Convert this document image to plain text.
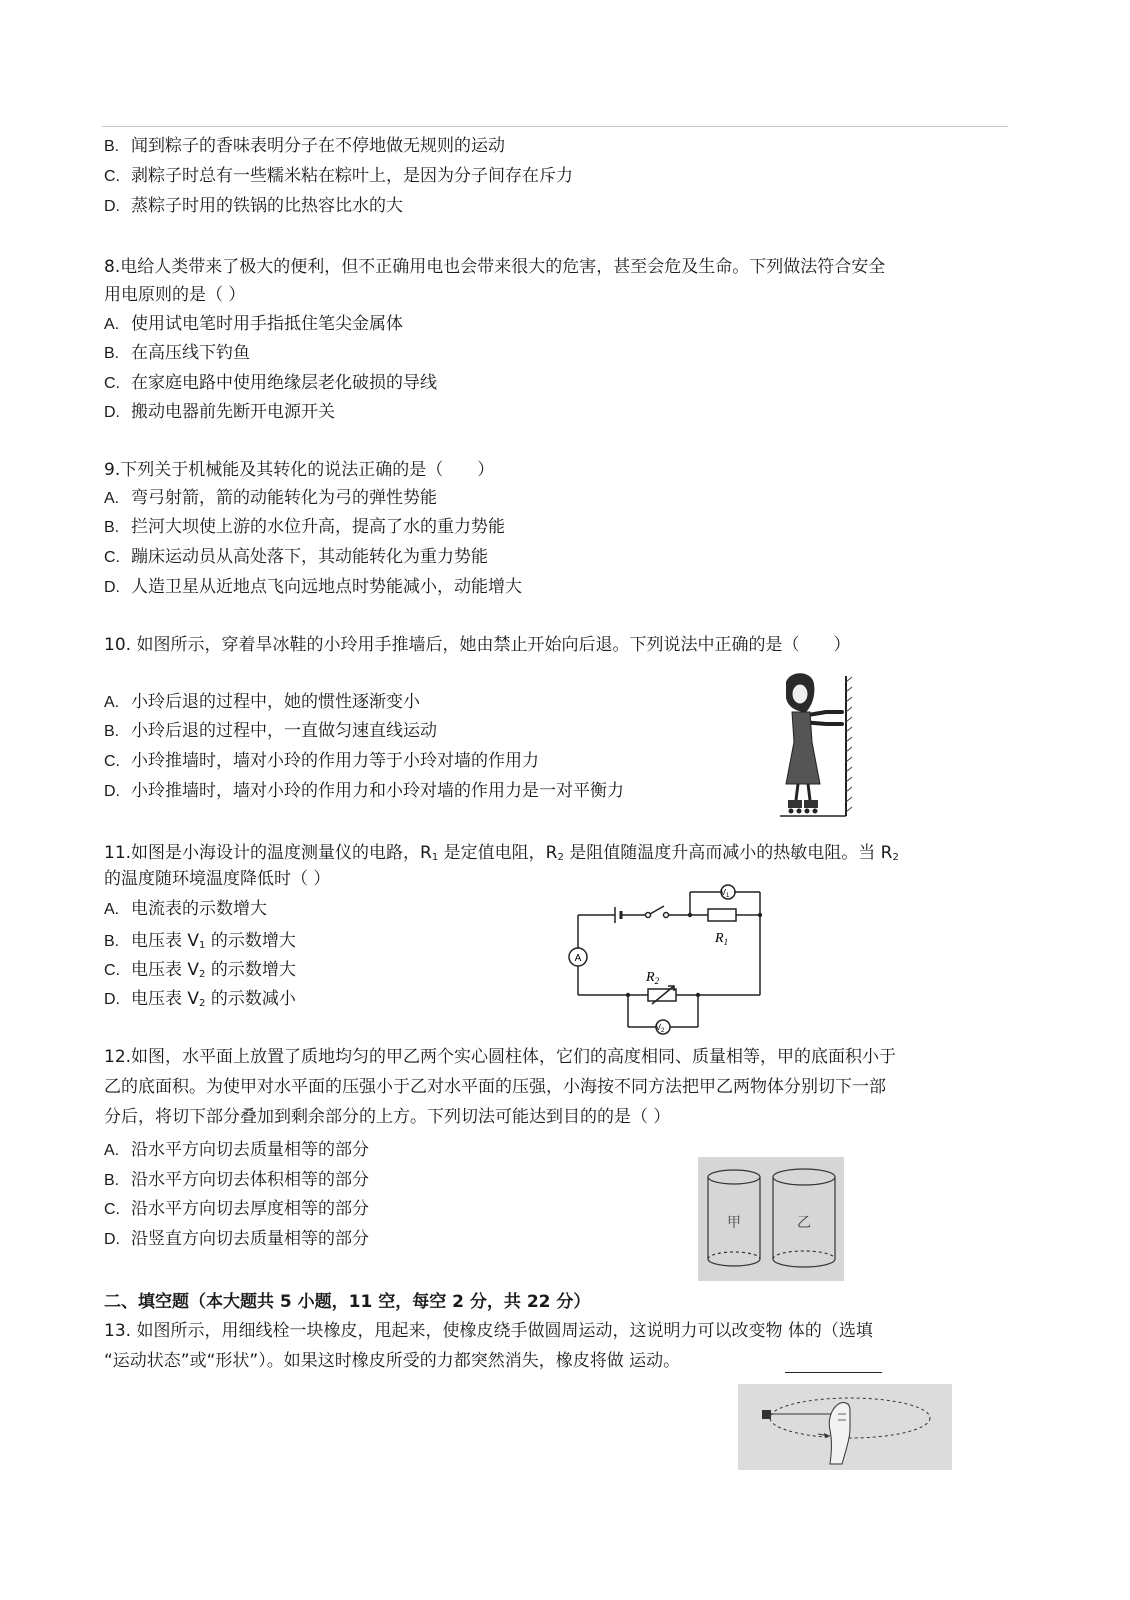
B. 闻到粽子的香味表明分子在不停地做无规则的运动
C. 剥粽子时总有一些糯米粘在粽叶上，是因为分子间存在斥力
D. 蒸粽子时用的铁锅的比热容比水的大
8.电给人类带来了极大的便利，但不正确用电也会带来很大的危害，甚至会危及生命。下列做法符合安全
用电原则的是（ ）
A. 使用试电笔时用手指抵住笔尖金属体
B. 在高压线下钓鱼
C. 在家庭电路中使用绝缘层老化破损的导线
D. 搬动电器前先断开电源开关
9.下列关于机械能及其转化的说法正确的是（　　）
A. 弯弓射箭，箭的动能转化为弓的弹性势能
B. 拦河大坝使上游的水位升高，提高了水的重力势能
C. 蹦床运动员从高处落下，其动能转化为重力势能
D. 人造卫星从近地点飞向远地点时势能减小，动能增大
10. 如图所示，穿着旱冰鞋的小玲用手推墙后，她由禁止开始向后退。下列说法中正确的是（　　）
A. 小玲后退的过程中，她的惯性逐渐变小
B. 小玲后退的过程中，一直做匀速直线运动
C. 小玲推墙时，墙对小玲的作用力等于小玲对墙的作用力
D. 小玲推墙时，墙对小玲的作用力和小玲对墙的作用力是一对平衡力
11.如图是小海设计的温度测量仪的电路，$R_1$ 是定值电阻，$R_2$ 是阻值随温度升高而减小的热敏电阻。当 $R_2$
的温度随环境温度降低时（ ）
A. 电流表的示数增大
B. 电压表 $V_1$ 的示数增大
C. 电压表 $V_2$ 的示数增大
D. 电压表 $V_2$ 的示数减小
A
$V_1$
$V_2$
$R_1$
$R_2$
12.如图，水平面上放置了质地均匀的甲乙两个实心圆柱体，它们的高度相同、质量相等，甲的底面积小于
乙的底面积。为使甲对水平面的压强小于乙对水平面的压强，小海按不同方法把甲乙两物体分别切下一部
分后，将切下部分叠加到剩余部分的上方。下列切法可能达到目的的是（ ）
A. 沿水平方向切去质量相等的部分
B. 沿水平方向切去体积相等的部分
C. 沿水平方向切去厚度相等的部分
D. 沿竖直方向切去质量相等的部分
甲	乙
二、填空题（本大题共 5 小题，11 空，每空 2 分，共 22 分）
13. 如图所示，用细线栓一块橡皮，甩起来，使橡皮绕手做圆周运动，这说明力可以改变物 体的（选填
“运动状态”或“形状”）。如果这时橡皮所受的力都突然消失，橡皮将做 运动。
